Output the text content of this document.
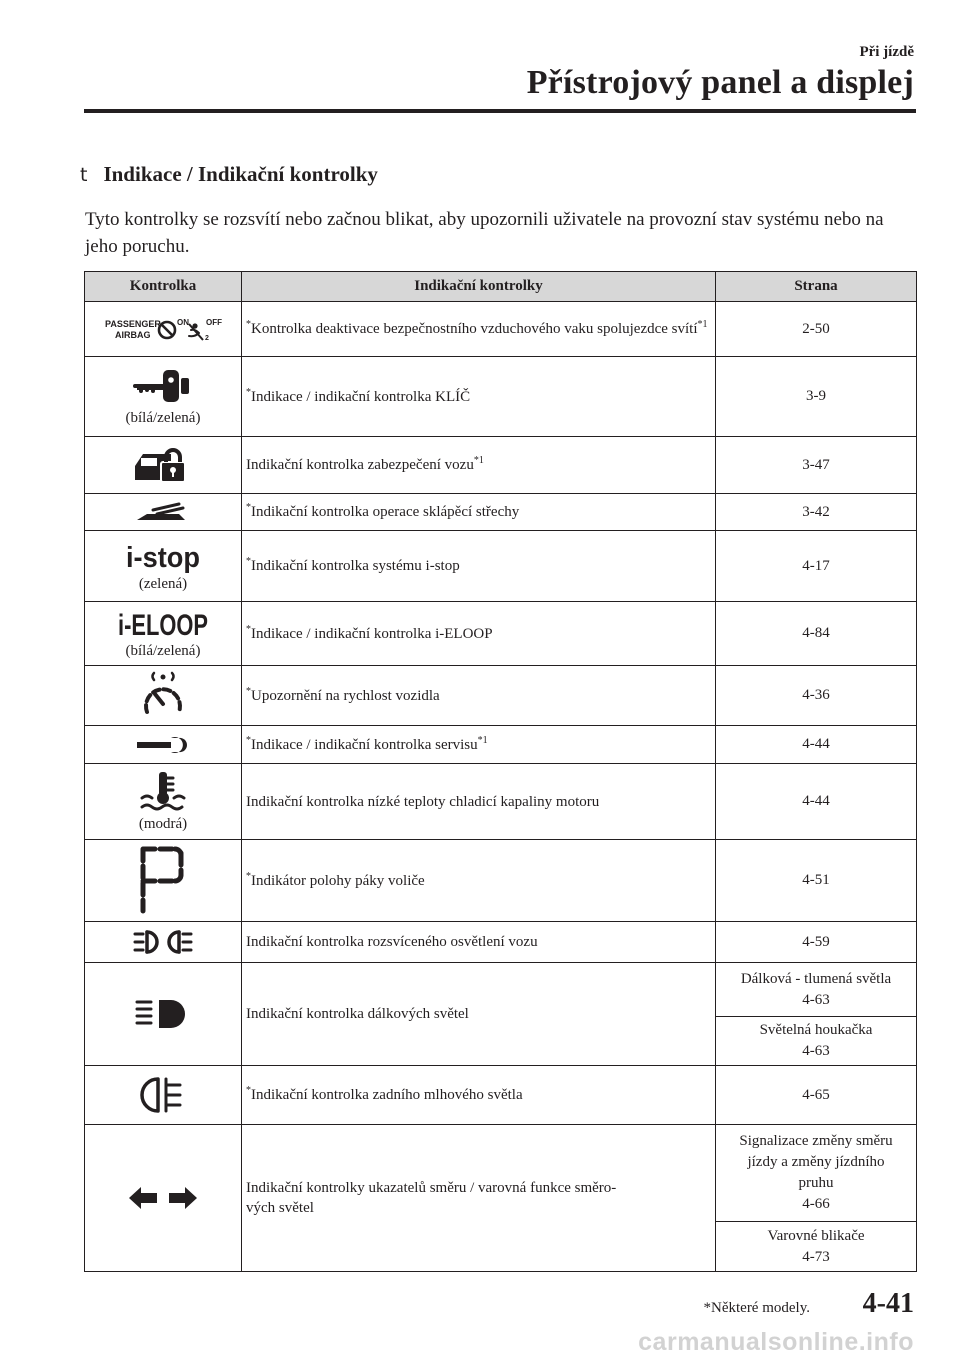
Při jízdě
Přístrojový panel a displej
t Indikace / Indikační kontrolky
Tyto kontrolky se rozsvítí nebo začnou blikat, aby upozornili uživatele na provozní stav systému nebo na jeho poruchu.
Kontrolka	Indikační kontrolky	Strana

PASSENGER
AIRBAG
ON OFF
2	*Kontrolka deaktivace bezpečnostního vzduchového vaku spolujezdce svítí$^{*1}$	2-50

(bílá/zelená)	*Indikace / indikační kontrolka KLÍČ	3-9

	Indikační kontrolka zabezpečení vozu$^{*1}$	3-47

	*Indikační kontrolka operace sklápěcí střechy	3-42

i-stop
(zelená)	*Indikační kontrolka systému i-stop	4-17

i-ELOOP
(bílá/zelená)	*Indikace / indikační kontrolka i-ELOOP	4-84

	*Upozornění na rychlost vozidla	4-36

	*Indikace / indikační kontrolka servisu$^{*1}$	4-44

(modrá)	Indikační kontrolka nízké teploty chladicí kapaliny motoru	4-44

	*Indikátor polohy páky voliče	4-51

	Indikační kontrolka rozsvíceného osvětlení vozu	4-59

	Indikační kontrolka dálkových světel	Dálková - tlumená světla
4-63
		Světelná houkačka
4-63

	*Indikační kontrolka zadního mlhového světla	4-65

	Indikační kontrolky ukazatelů směru / varovná funkce směro-
vých světel	Signalizace změny směru
jízdy a změny jízdního
pruhu
4-66
		Varovné blikače
4-73
*Některé modely. 4-41
carmanualsonline.info
